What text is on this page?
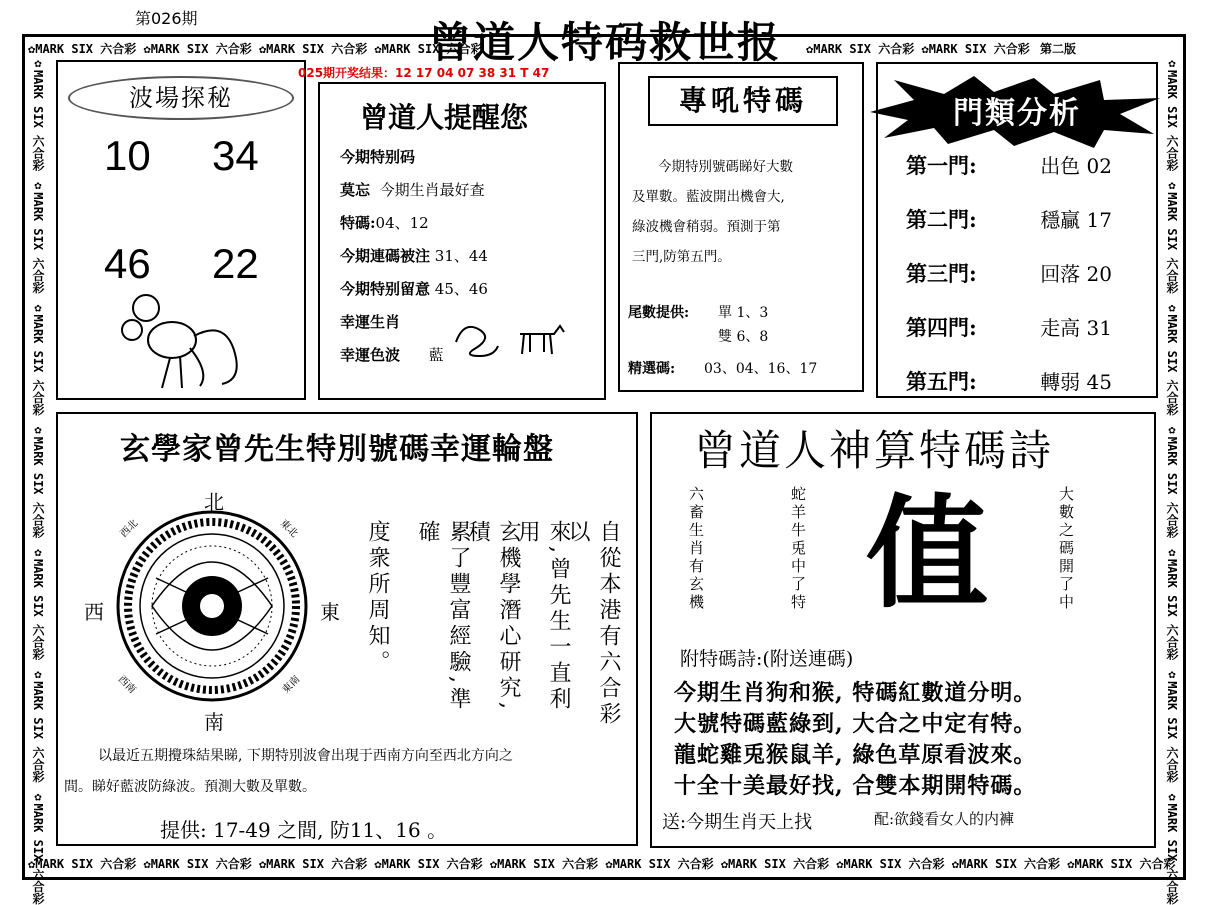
第026期	曾道人特码救世报
✿MARK SIX 六合彩 ✿MARK SIX 六合彩 ✿MARK SIX 六合彩 ✿MARK SIX 六合彩	✿MARK SIX 六合彩 ✿MARK SIX 六合彩 第二版
✿MARK SIX 六合彩 ✿MARK SIX 六合彩 ✿MARK SIX 六合彩 ✿MARK SIX 六合彩 ✿MARK SIX 六合彩 ✿MARK SIX 六合彩 ✿MARK SIX 六合彩 ✿MARK SIX 六合彩 ✿MARK SIX 六合彩 ✿MARK SIX 六合彩
✿MARK SIX 六合彩 ✿MARK SIX 六合彩 ✿MARK SIX 六合彩 ✿MARK SIX 六合彩 ✿MARK SIX 六合彩 ✿MARK SIX 六合彩 ✿MARK SIX 六合彩	✿MARK SIX 六合彩 ✿MARK SIX 六合彩 ✿MARK SIX 六合彩 ✿MARK SIX 六合彩 ✿MARK SIX 六合彩 ✿MARK SIX 六合彩 ✿MARK SIX 六合彩
波場探秘
10 34
46 22
025期开奖结果：12 17 04 07 38 31 T 47
曾道人提醒您
今期特别码
莫忘 今期生肖最好查
特碼:04、12
今期連碼被注 31、44
今期特别留意 45、46
幸運生肖
幸運色波 藍
專吼特碼
今期特別號碼睇好大數
及單數。藍波開出機會大,
綠波機會稍弱。預測于第
三門,防第五門。
尾數提供: 單 1、3
雙 6、8
精選碼: 03、04、16、17
門類分析
第一門:	出色 02
第二門:	穩贏 17
第三門:	回落 20
第四門:	走高 31
第五門:	轉弱 45
玄學家曾先生特別號碼幸運輪盤
北
南
西	東
西北	東北
西南	東南	自從本港有六合彩以
來,曾先生一直利用
玄機學潛心研究,積
累了豐富經驗,準確
度衆所周知。
以最近五期攪珠結果睇, 下期特別波會出現于西南方向至西北方向之
間。睇好藍波防綠波。預測大數及單數。
提供: 17-49 之間, 防11、16 。
曾道人神算特碼詩
值
六畜生肖有玄機	蛇羊牛兎中了特	大數之碼開了中
附特碼詩:(附送連碼)
今期生肖狗和猴, 特碼紅數道分明。
大號特碼藍綠到, 大合之中定有特。
龍蛇雞兎猴鼠羊, 綠色草原看波來。
十全十美最好找, 合雙本期開特碼。
送:今期生肖天上找	配:欲錢看女人的内褲
